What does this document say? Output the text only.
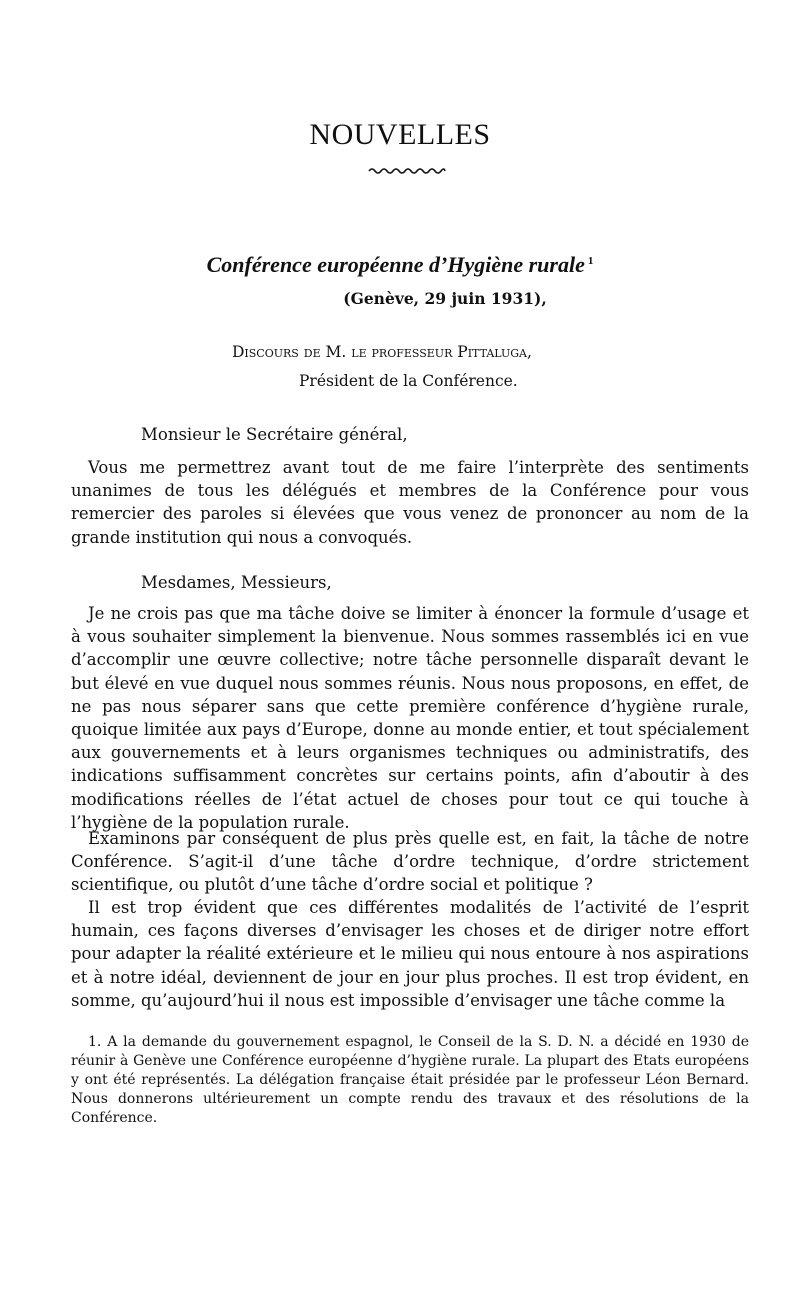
NOUVELLES
Conférence européenne d’Hygiène rurale $^1$
(Genève, 29 juin 1931),
Discours de M. le professeur Pittaluga,
Président de la Conférence.
Monsieur le Secrétaire général,

Vous me permettrez avant tout de me faire l’interprète des sentiments unanimes de tous les délégués et membres de la Conférence pour vous remercier des paroles si élevées que vous venez de prononcer au nom de la grande institution qui nous a convoqués.

Mesdames, Messieurs,

Je ne crois pas que ma tâche doive se limiter à énoncer la formule d’usage et à vous souhaiter simplement la bienvenue. Nous sommes rassemblés ici en vue d’accomplir une œuvre collective; notre tâche personnelle disparaît devant le but élevé en vue duquel nous sommes réunis. Nous nous proposons, en effet, de ne pas nous séparer sans que cette première conférence d’hygiène rurale, quoique limitée aux pays d’Europe, donne au monde entier, et tout spécialement aux gouvernements et à leurs organismes techniques ou administratifs, des indications suffisamment concrètes sur certains points, afin d’aboutir à des modifications réelles de l’état actuel de choses pour tout ce qui touche à l’hygiène de la population rurale.

Examinons par conséquent de plus près quelle est, en fait, la tâche de notre Conférence. S’agit-il d’une tâche d’ordre technique, d’ordre strictement scientifique, ou plutôt d’une tâche d’ordre social et politique ?

Il est trop évident que ces différentes modalités de l’activité de l’esprit humain, ces façons diverses d’envisager les choses et de diriger notre effort pour adapter la réalité extérieure et le milieu qui nous entoure à nos aspirations et à notre idéal, deviennent de jour en jour plus proches. Il est trop évident, en somme, qu’aujourd’hui il nous est impossible d’envisager une tâche comme la

1. A la demande du gouvernement espagnol, le Conseil de la S. D. N. a décidé en 1930 de réunir à Genève une Conférence européenne d’hygiène rurale. La plupart des Etats européens y ont été représentés. La délégation française était présidée par le professeur Léon Bernard. Nous donnerons ultérieurement un compte rendu des travaux et des résolutions de la Conférence.
